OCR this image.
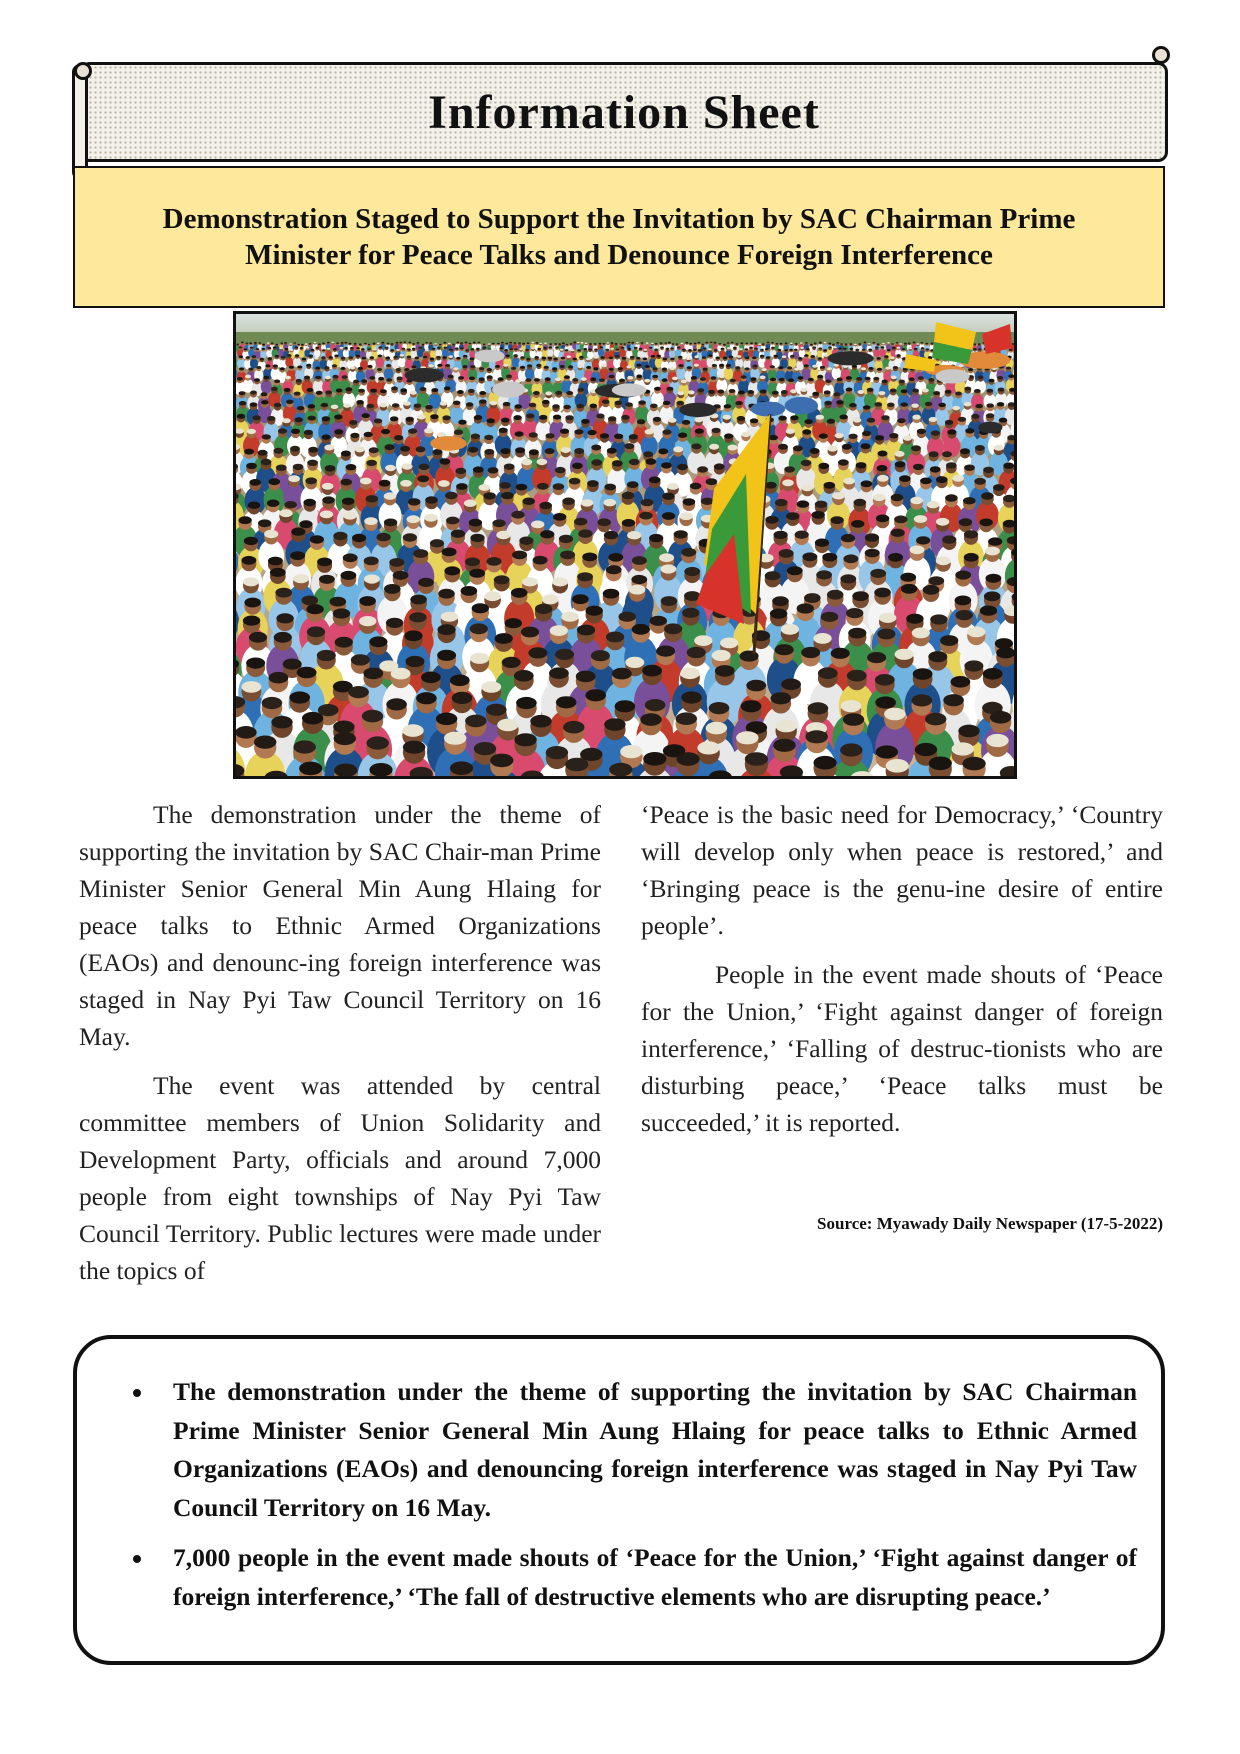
Information Sheet
Demonstration Staged to Support the Invitation by SAC Chairman Prime
Minister for Peace Talks and Denounce Foreign Interference

The demonstration under the theme of supporting the invitation by SAC Chair-man Prime Minister Senior General Min Aung Hlaing for peace talks to Ethnic Armed Organizations (EAOs) and denounc-ing foreign interference was staged in Nay Pyi Taw Council Territory on 16 May.

The event was attended by central committee members of Union Solidarity and Development Party, officials and around 7,000 people from eight townships of Nay Pyi Taw Council Territory. Public lectures were made under the topics of

‘Peace is the basic need for Democracy,’ ‘Country will develop only when peace is restored,’ and ‘Bringing peace is the genu-ine desire of entire people’.

People in the event made shouts of ‘Peace for the Union,’ ‘Fight against danger of foreign interference,’ ‘Falling of destruc-tionists who are disturbing peace,’ ‘Peace talks must be succeeded,’ it is reported.

Source: Myawady Daily Newspaper (17-5-2022)
The demonstration under the theme of supporting the invitation by SAC Chairman Prime Minister Senior General Min Aung Hlaing for peace talks to Ethnic Armed Organizations (EAOs) and denouncing foreign interference was staged in Nay Pyi Taw Council Territory on 16 May.
7,000 people in the event made shouts of ‘Peace for the Union,’ ‘Fight against danger of foreign interference,’ ‘The fall of destructive elements who are disrupting peace.’
